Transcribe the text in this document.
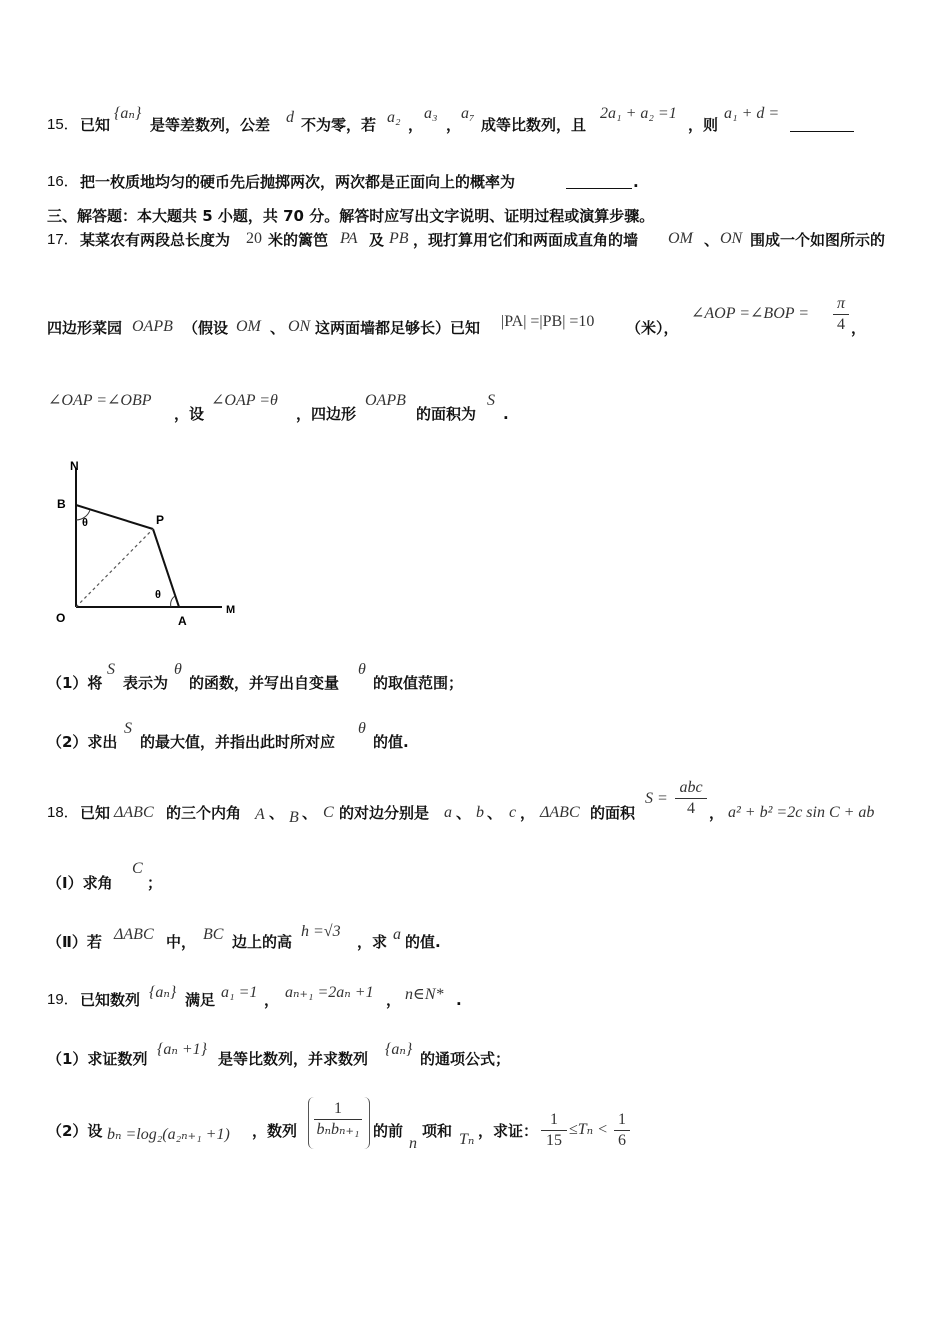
15． 已知
{aₙ}
是等差数列，公差 d 不为零，若 a₂ ，
a₃
，
a₇
成等比数列，且
2a₁ + a₂ =1
，则
a₁ + d =
16． 把一枚质地均匀的硬币先后抛掷两次，两次都是正面向上的概率为	.
三、解答题：本大题共 5 小题，共 70 分。解答时应写出文字说明、证明过程或演算步骤。
17． 某菜农有两段总长度为 20 米的篱笆 PA 及 PB ，现打算用它们和两面成直角的墙 OM 、 ON 围成一个如图所示的
四边形菜园 OAPB （假设 OM 、 ON 这两面墙都足够长）已知 |PA| =|PB| =10 （米），
∠AOP =∠BOP = $\frac{\pi}{4}$ ，
∠OAP =∠OBP
，设
∠OAP =θ
，四边形
OAPB
的面积为
S
.
N
B
P
O	A
M
θ
θ
（1）将
S
表示为
θ
的函数，并写出自变量
θ
的取值范围；
（2）求出
S
的最大值，并指出此时所对应
θ
的值.
18． 已知 ΔABC 的三个内角 A 、 B 、 C 的对边分别是 a 、 b 、 c ， ΔABC 的面积
S =
abc
4 ， a² + b² =2c sin C + ab
（Ⅰ）求角
C
；
（Ⅱ）若 ΔABC 中， BC 边上的高
h =√3
，求 a 的值.
19． 已知数列 {aₙ} 满足 a₁ =1 ， aₙ₊₁ =2aₙ +1 ， n∈N* .
（1）求证数列
{aₙ +1}
是等比数列，并求数列
{aₙ}
的通项公式；
（2）设 bₙ =log₂(a₂ₙ₊₁ +1) ，数列
1
bₙbₙ₊₁ 的前
n
项和 Tₙ ，求证： $\frac{1}{15} \le T_n < \frac{1}{6}$
